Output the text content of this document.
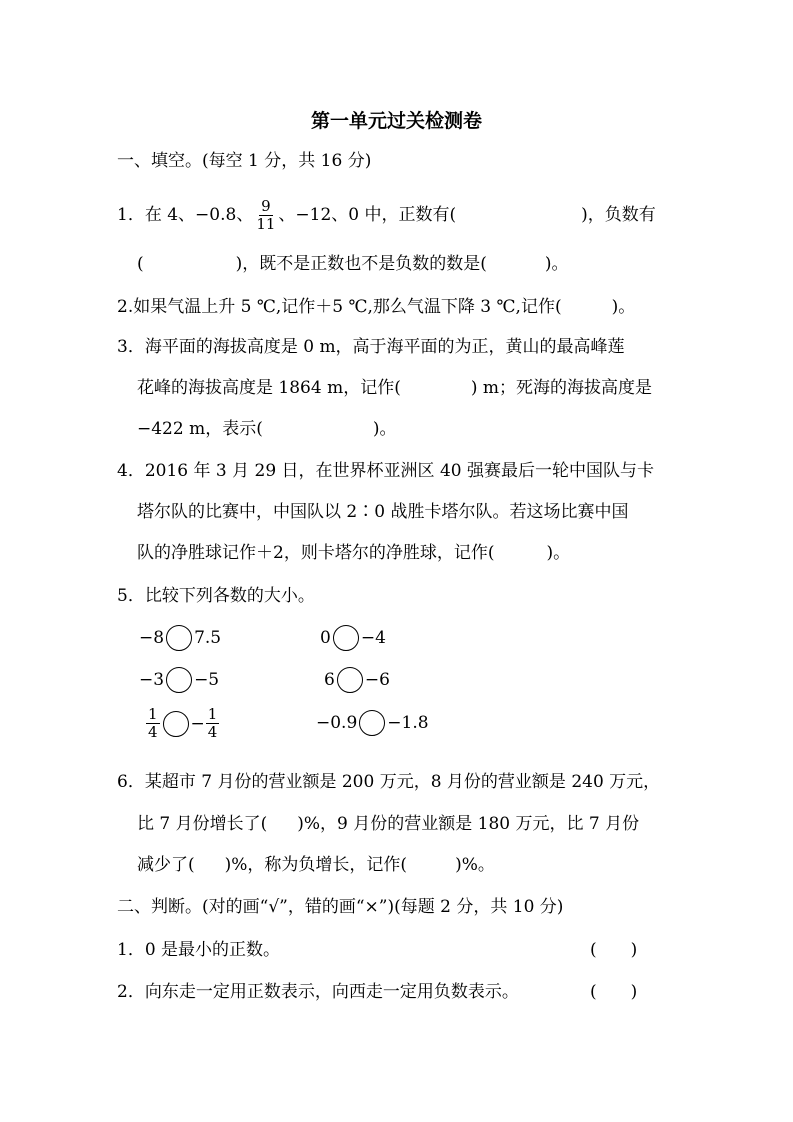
第一单元过关检测卷
一、填空。(每空 1 分，共 16 分)
1．在 4、−0.8、 $\frac{9}{11}$ 、−12、0 中，正数有(	)，负数有
(	)，既不是正数也不是负数的数是(	)。
2.如果气温上升 5 ℃,记作＋5 ℃,那么气温下降 3 ℃,记作(	)。
3．海平面的海拔高度是 0 m，高于海平面的为正，黄山的最高峰莲
花峰的海拔高度是 1864 m，记作(	) m；死海的海拔高度是
−422 m，表示(	)。
4．2016 年 3 月 29 日，在世界杯亚洲区 40 强赛最后一轮中国队与卡
塔尔队的比赛中，中国队以 2∶0 战胜卡塔尔队。若这场比赛中国
队的净胜球记作＋2，则卡塔尔的净胜球，记作(	)。
5．比较下列各数的大小。
−8 7.5	0 −4
−3 −5	6 −6
$\frac{1}{4} - \frac{1}{4}$	−0.9 −1.8
6．某超市 7 月份的营业额是 200 万元，8 月份的营业额是 240 万元，
比 7 月份增长了( )%，9 月份的营业额是 180 万元，比 7 月份
减少了( )%，称为负增长，记作(	)%。
二、判断。(对的画“√”，错的画“×”)(每题 2 分，共 10 分)
1．0 是最小的正数。	(　　)
2．向东走一定用正数表示，向西走一定用负数表示。	(　　)
